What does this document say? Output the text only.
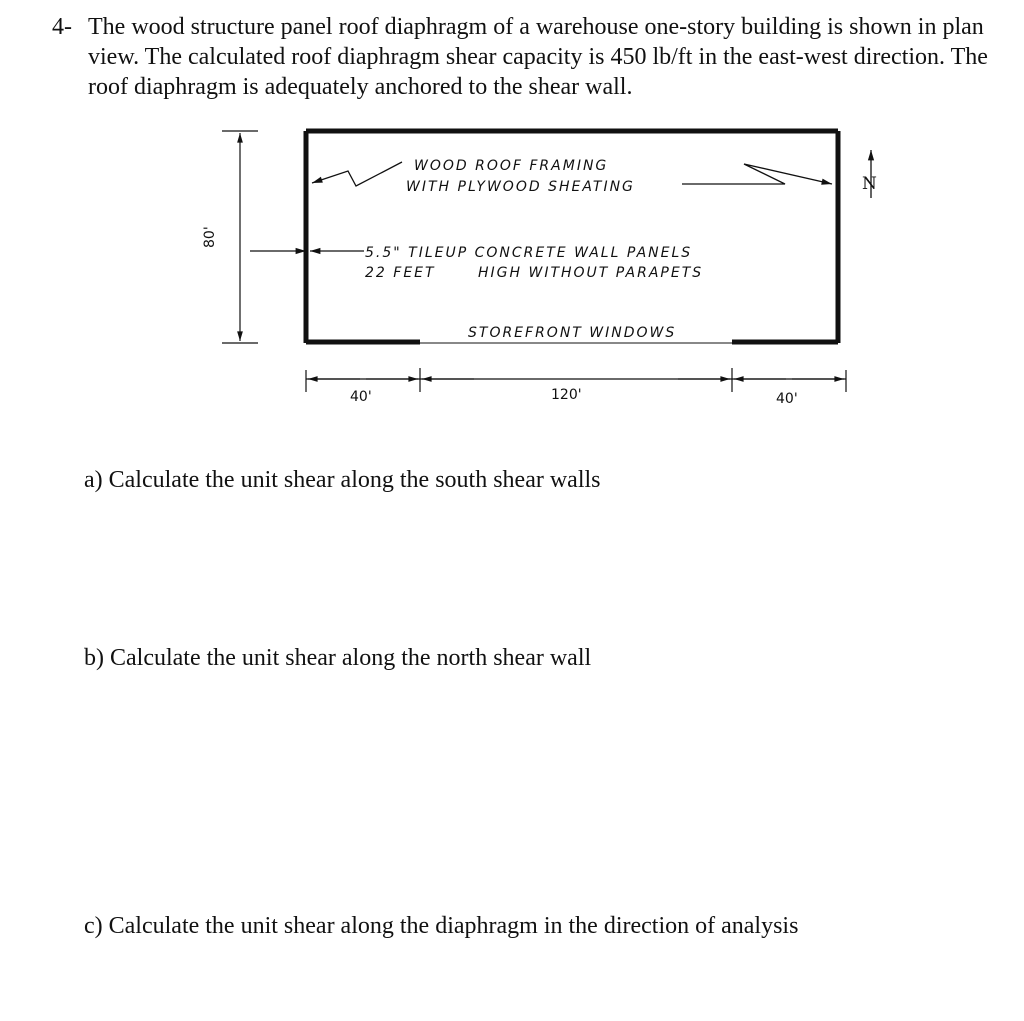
4- The wood structure panel roof diaphragm of a warehouse one-story building is shown in plan view. The calculated roof diaphragm shear capacity is 450 lb/ft in the east-west direction. The roof diaphragm is adequately anchored to the shear wall.
WOOD ROOF FRAMING
WITH PLYWOOD SHEATING
5.5" TILEUP CONCRETE WALL PANELS
22 FEET	HIGH WITHOUT PARAPETS
STOREFRONT WINDOWS
80'
40'	120'	40'
N
a) Calculate the unit shear along the south shear walls
b) Calculate the unit shear along the north shear wall
c) Calculate the unit shear along the diaphragm in the direction of analysis
